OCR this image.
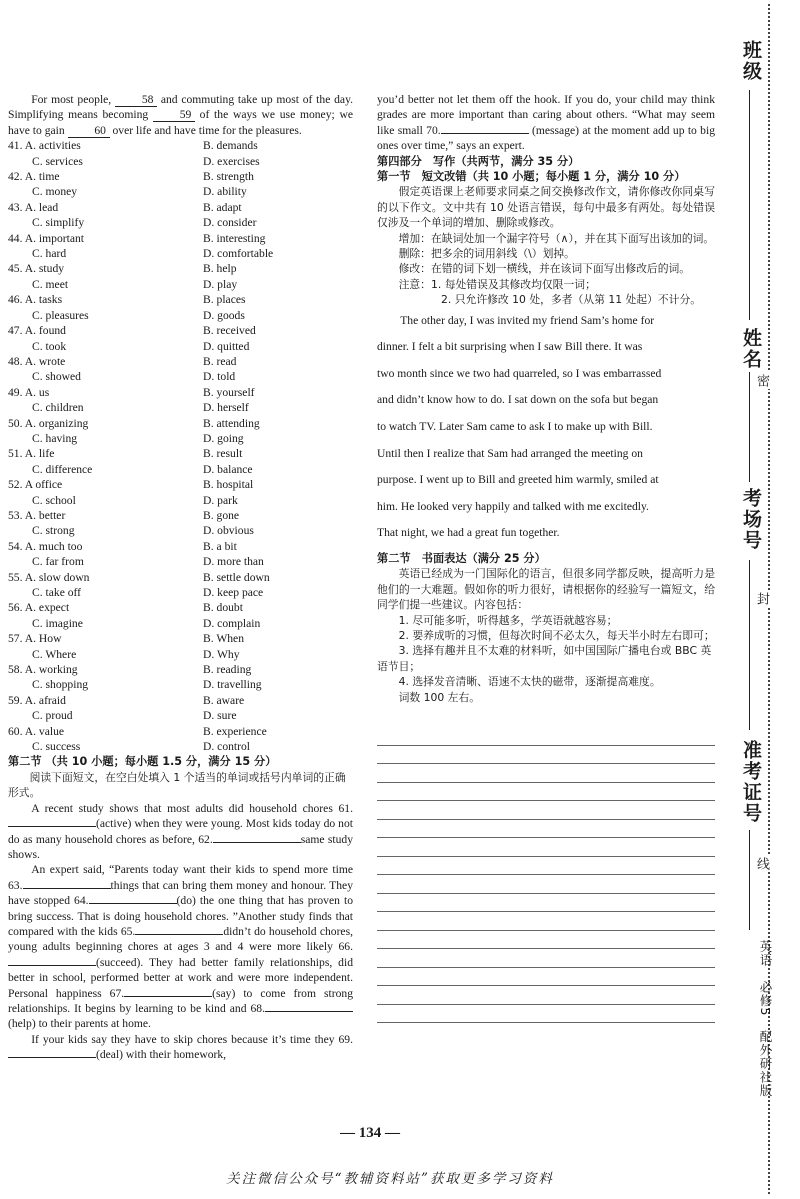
For most people,	58 and commuting take up most of the day. Simplifying means becoming	59 of the ways we use money; we have to gain	60 over life and have time for the pleasures.

41. A. activities	B. demands
C. services	D. exercises
42. A. time	B. strength
C. money	D. ability
43. A. lead	B. adapt
C. simplify	D. consider
44. A. important	B. interesting
C. hard	D. comfortable
45. A. study	B. help
C. meet	D. play
46. A. tasks	B. places
C. pleasures	D. goods
47. A. found	B. received
C. took	D. quitted
48. A. wrote	B. read
C. showed	D. told
49. A. us	B. yourself
C. children	D. herself
50. A. organizing	B. attending
C. having	D. going
51. A. life	B. result
C. difference	D. balance
52. A office	B. hospital
C. school	D. park
53. A. better	B. gone
C. strong	D. obvious
54. A. much too	B. a bit
C. far from	D. more than
55. A. slow down	B. settle down
C. take off	D. keep pace
56. A. expect	B. doubt
C. imagine	D. complain
57. A. How	B. When
C. Where	D. Why
58. A. working	B. reading
C. shopping	D. travelling
59. A. afraid	B. aware
C. proud	D. sure
60. A. value	B. experience
C. success	D. control

第二节 （共 10 小题；每小题 1.5 分，满分 15 分）

阅读下面短文，在空白处填入 1 个适当的单词或括号内单词的正确形式。

A recent study shows that most adults did household chores 61.(active) when they were young. Most kids today do not do as many household chores as before, 62.	same study shows.

An expert said, “Parents today want their kids to spend more time 63.	things that can bring them money and honour. They have stopped 64.	(do) the one thing that has proven to bring success. That is doing household chores. ”Another study finds that compared with the kids 65.	didn’t do household chores, young adults beginning chores at ages 3 and 4 were more likely 66.(succeed). They had better family relationships, did better in school, performed better at work and were more independent. Personal happiness 67.	(say) to come from strong relationships. It begins by learning to be kind and 68.(help) to their parents at home.

If your kids say they have to skip chores because it’s time they 69.(deal) with their homework,

you’d better not let them off the hook. If you do, your child may think grades are more important than caring about others. “What may seem like small 70.	(message) at the moment add up to big ones over time,” says an expert.

第四部分　写作（共两节，满分 35 分）

第一节　短文改错（共 10 小题；每小题 1 分，满分 10 分）

假定英语课上老师要求同桌之间交换修改作文，请你修改你同桌写的以下作文。文中共有 10 处语言错误，每句中最多有两处。每处错误仅涉及一个单词的增加、删除或修改。

增加：在缺词处加一个漏字符号（∧），并在其下面写出该加的词。

删除：把多余的词用斜线（\）划掉。

修改：在错的词下划一横线，并在该词下面写出修改后的词。

注意：1. 每处错误及其修改均仅限一词；

2. 只允许修改 10 处，多者（从第 11 处起）不计分。

The other day, I was invited my friend Sam’s home for

dinner. I felt a bit surprising when I saw Bill there. It was

two month since we two had quarreled, so I was embarrassed

and didn’t know how to do. I sat down on the sofa but began

to watch TV. Later Sam came to ask I to make up with Bill.

Until then I realize that Sam had arranged the meeting on

purpose. I went up to Bill and greeted him warmly, smiled at

him. He looked very happily and talked with me excitedly.

That night, we had a great fun together.

第二节　书面表达（满分 25 分）

英语已经成为一门国际化的语言，但很多同学都反映，提高听力是他们的一大难题。假如你的听力很好，请根据你的经验写一篇短文，给同学们提一些建议。内容包括：

1. 尽可能多听，听得越多，学英语就越容易；

2. 要养成听的习惯，但每次时间不必太久，每天半小时左右即可；

3. 选择有趣并且不太难的材料听，如中国国际广播电台或 BBC 英语节目；

4. 选择发音清晰、语速不太快的磁带，逐渐提高难度。

词数 100 左右。

班级
姓名
密
考场号
封
准考证号
线
英语　必修5　配外研社版
— 134 —
关注微信公众号“教辅资料站”获取更多学习资料
